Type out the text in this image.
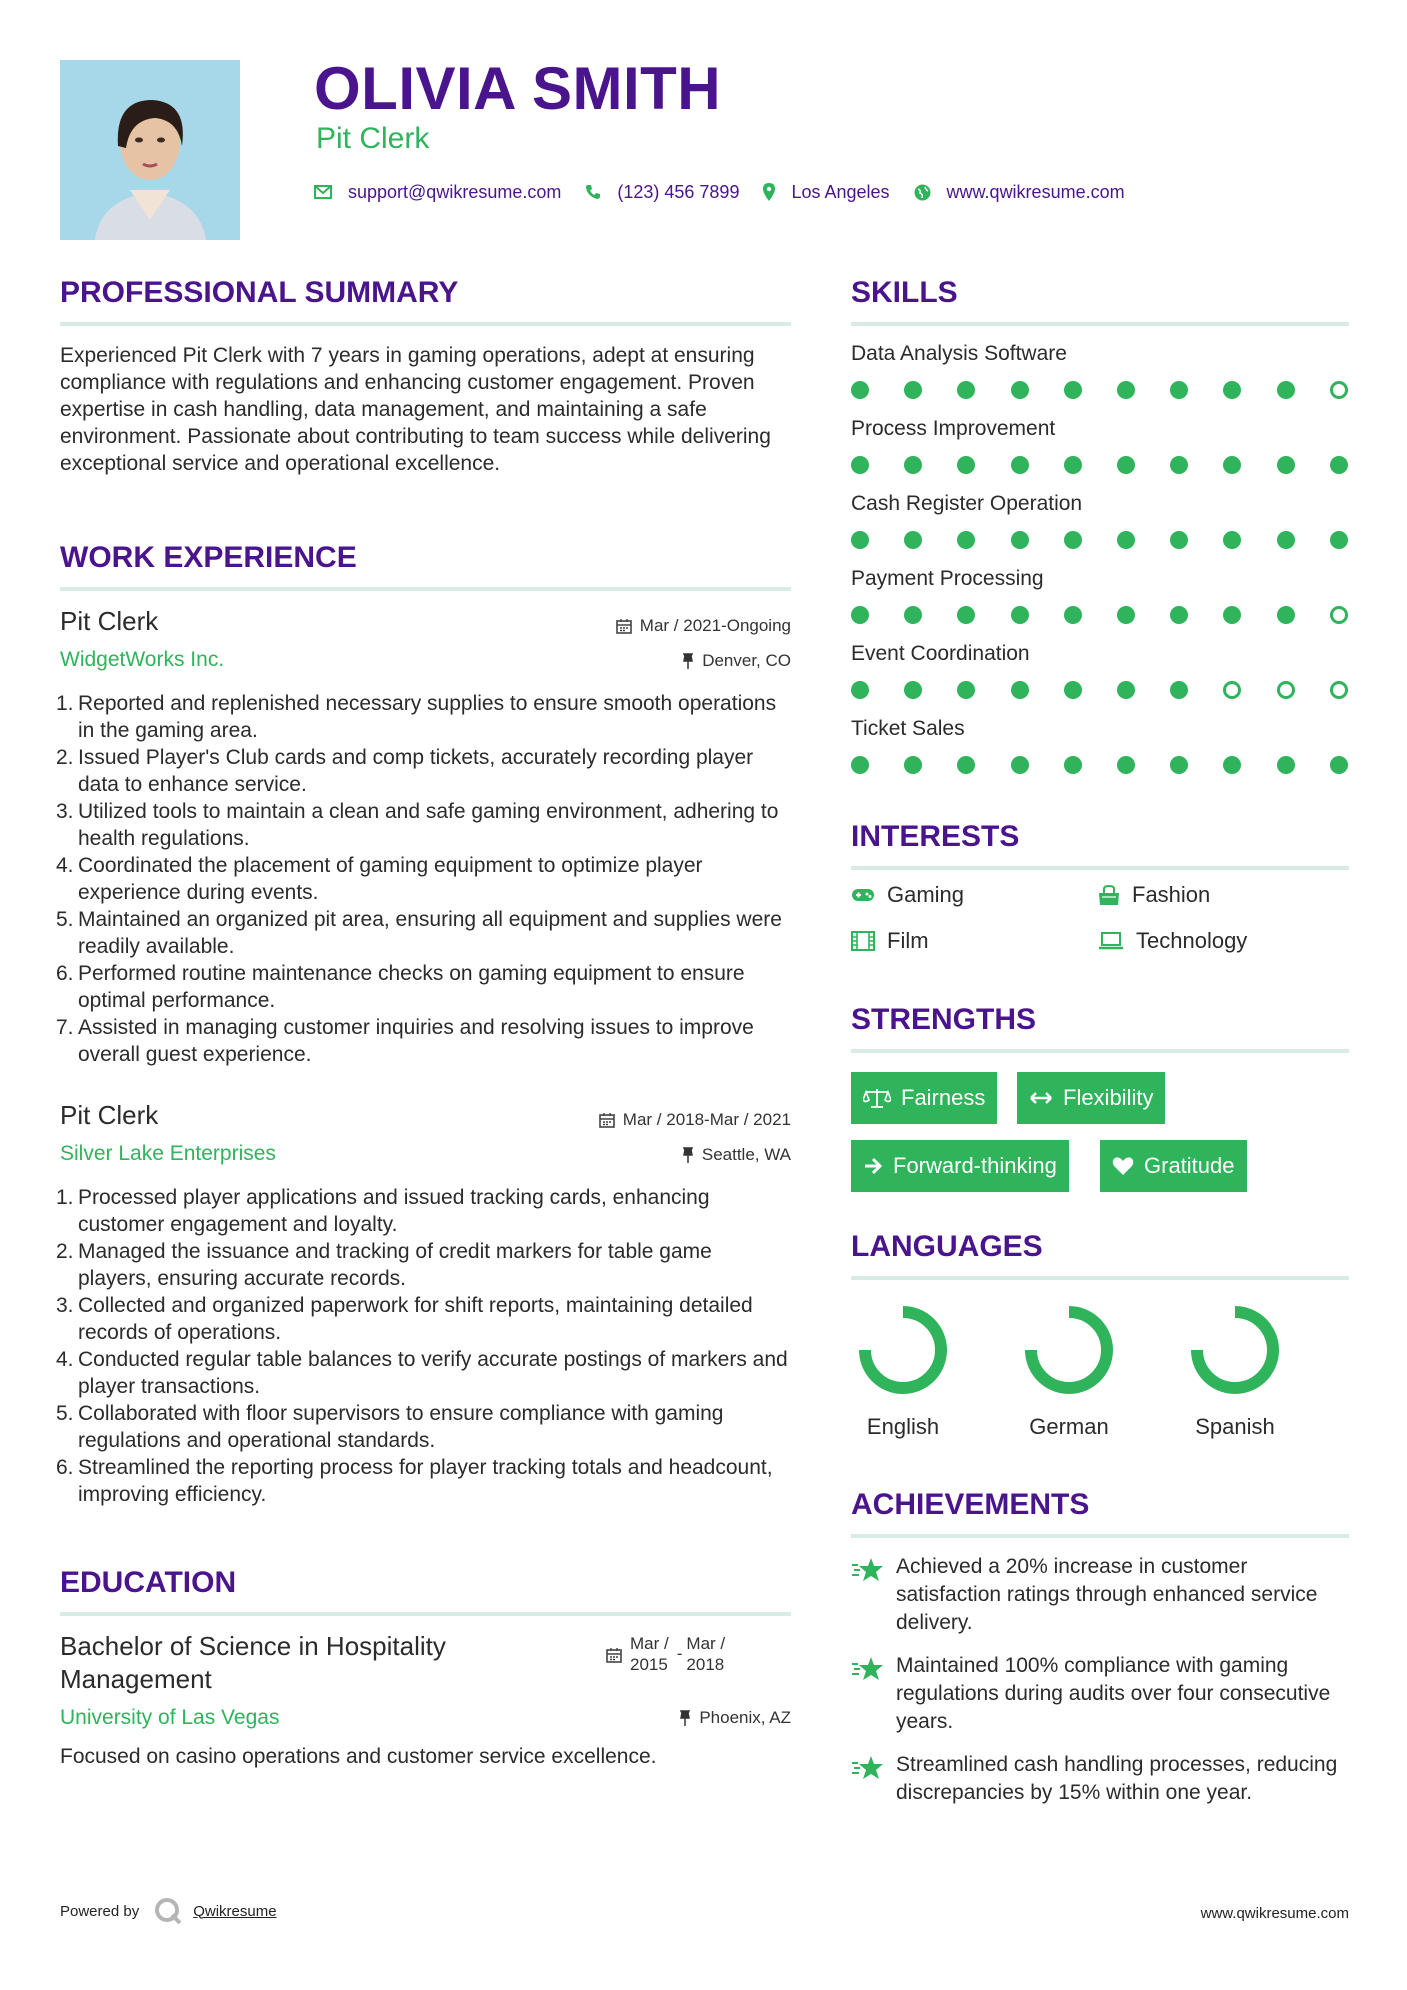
OLIVIA SMITH
Pit Clerk
support@qwikresume.com	(123) 456 7899	Los Angeles	www.qwikresume.com
PROFESSIONAL SUMMARY
Experienced Pit Clerk with 7 years in gaming operations, adept at ensuring compliance with regulations and enhancing customer engagement. Proven expertise in cash handling, data management, and maintaining a safe environment. Passionate about contributing to team success while delivering exceptional service and operational excellence.
WORK EXPERIENCE
Pit Clerk
WidgetWorks Inc.
Mar / 2021-Ongoing
Denver, CO
1. Reported and replenished necessary supplies to ensure smooth operations in the gaming area.
2. Issued Player's Club cards and comp tickets, accurately recording player data to enhance service.
3. Utilized tools to maintain a clean and safe gaming environment, adhering to health regulations.
4. Coordinated the placement of gaming equipment to optimize player experience during events.
5. Maintained an organized pit area, ensuring all equipment and supplies were readily available.
6. Performed routine maintenance checks on gaming equipment to ensure optimal performance.
7. Assisted in managing customer inquiries and resolving issues to improve overall guest experience.
Pit Clerk
Silver Lake Enterprises
Mar / 2018-Mar / 2021
Seattle, WA
1. Processed player applications and issued tracking cards, enhancing customer engagement and loyalty.
2. Managed the issuance and tracking of credit markers for table game players, ensuring accurate records.
3. Collected and organized paperwork for shift reports, maintaining detailed records of operations.
4. Conducted regular table balances to verify accurate postings of markers and player transactions.
5. Collaborated with floor supervisors to ensure compliance with gaming regulations and operational standards.
6. Streamlined the reporting process for player tracking totals and headcount, improving efficiency.
EDUCATION
Bachelor of Science in Hospitality Management
Mar /
2015
-
Mar /
2018
University of Las Vegas	Phoenix, AZ
Focused on casino operations and customer service excellence.
SKILLS
Data Analysis Software
Process Improvement
Cash Register Operation
Payment Processing
Event Coordination
Ticket Sales
INTERESTS
Gaming	Fashion
Film	Technology
STRENGTHS
Fairness	Flexibility
Forward-thinking	Gratitude
LANGUAGES
English	German	Spanish
ACHIEVEMENTS
Achieved a 20% increase in customer satisfaction ratings through enhanced service delivery.
Maintained 100% compliance with gaming regulations during audits over four consecutive years.
Streamlined cash handling processes, reducing discrepancies by 15% within one year.
Powered by	Qwikresume	www.qwikresume.com
